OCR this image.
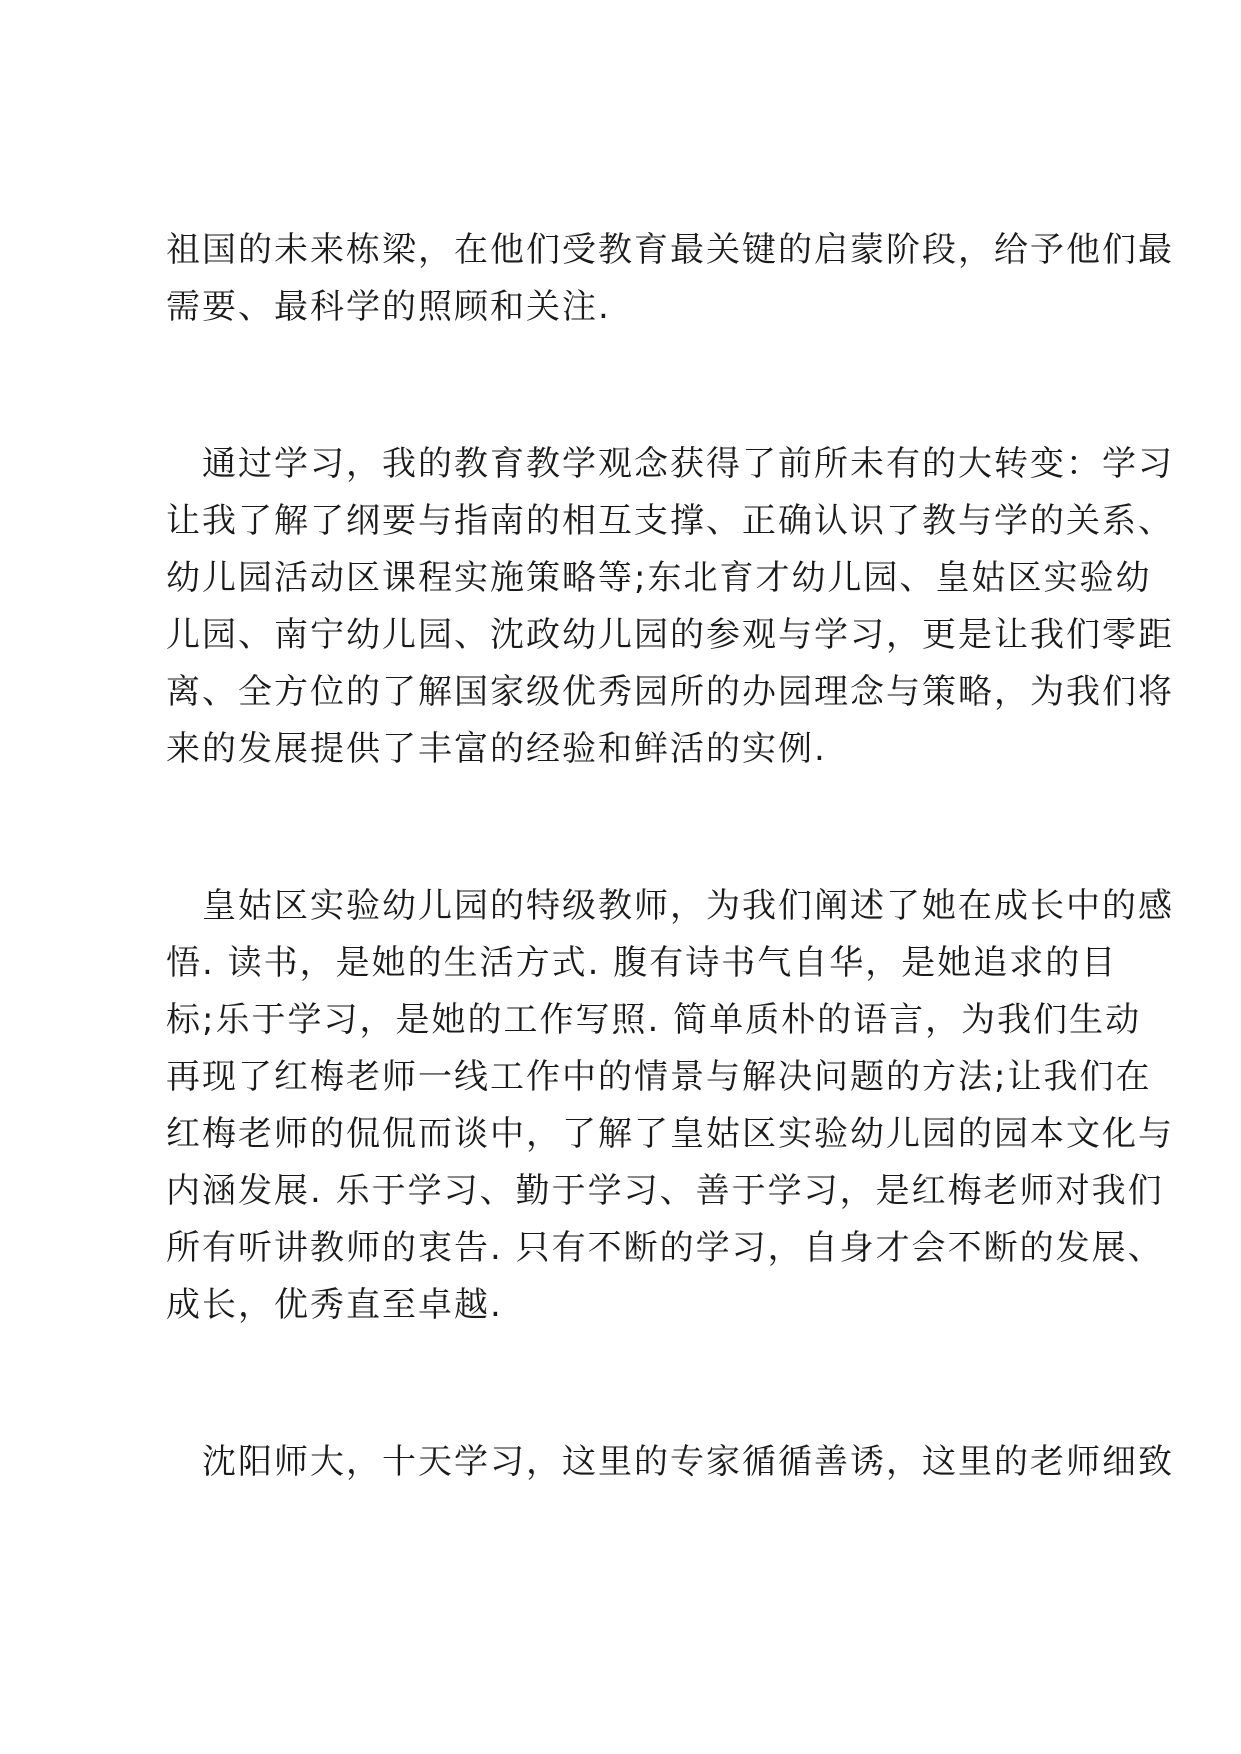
祖国的未来栋梁，在他们受教育最关键的启蒙阶段，给予他们最
需要、最科学的照顾和关注.
通过学习，我的教育教学观念获得了前所未有的大转变：学习
让我了解了纲要与指南的相互支撑、正确认识了教与学的关系、
幼儿园活动区课程实施策略等;东北育才幼儿园、皇姑区实验幼
儿园、南宁幼儿园、沈政幼儿园的参观与学习，更是让我们零距
离、全方位的了解国家级优秀园所的办园理念与策略，为我们将
来的发展提供了丰富的经验和鲜活的实例.
皇姑区实验幼儿园的特级教师，为我们阐述了她在成长中的感
悟. 读书，是她的生活方式. 腹有诗书气自华，是她追求的目
标;乐于学习，是她的工作写照. 简单质朴的语言，为我们生动
再现了红梅老师一线工作中的情景与解决问题的方法;让我们在
红梅老师的侃侃而谈中，了解了皇姑区实验幼儿园的园本文化与
内涵发展. 乐于学习、勤于学习、善于学习，是红梅老师对我们
所有听讲教师的衷告. 只有不断的学习，自身才会不断的发展、
成长，优秀直至卓越.
沈阳师大，十天学习，这里的专家循循善诱，这里的老师细致
